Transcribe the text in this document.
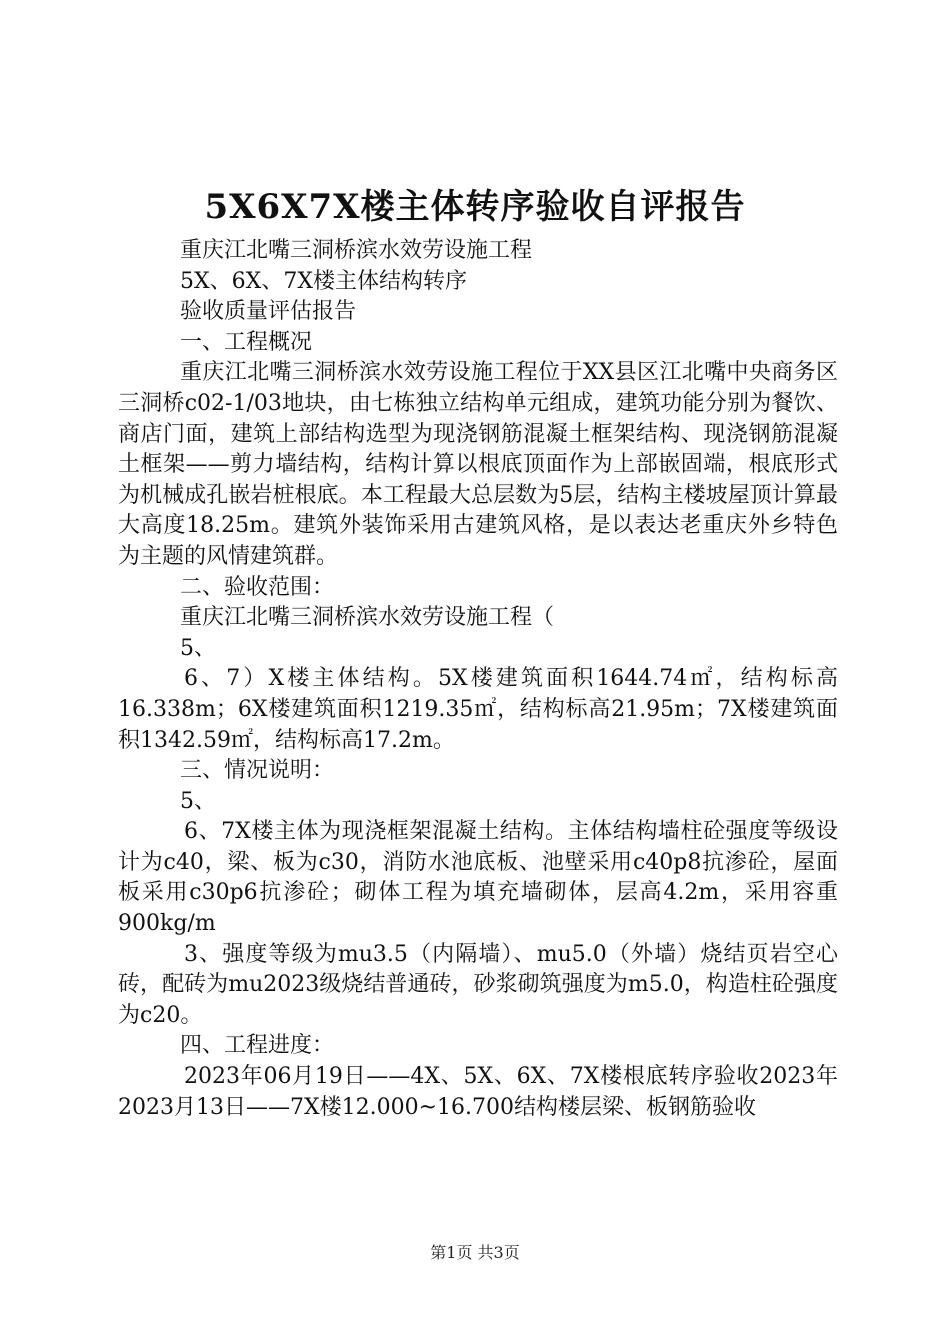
5X6X7X楼主体转序验收自评报告

重庆江北嘴三洞桥滨水效劳设施工程

5X、6X、7X楼主体结构转序

验收质量评估报告

一、工程概况

重庆江北嘴三洞桥滨水效劳设施工程位于XX县区江北嘴中央商务区三洞桥c02-1/03地块，由七栋独立结构单元组成，建筑功能分别为餐饮、商店门面，建筑上部结构选型为现浇钢筋混凝土框架结构、现浇钢筋混凝土框架——剪力墙结构，结构计算以根底顶面作为上部嵌固端，根底形式为机械成孔嵌岩桩根底。本工程最大总层数为5层，结构主楼坡屋顶计算最大高度18.25m。建筑外装饰采用古建筑风格，是以表达老重庆外乡特色为主题的风情建筑群。

二、验收范围：

重庆江北嘴三洞桥滨水效劳设施工程（

5、

6、7）X楼主体结构。5X楼建筑面积1644.74㎡，结构标高16.338m；6X楼建筑面积1219.35㎡，结构标高21.95m；7X楼建筑面积1342.59㎡，结构标高17.2m。

三、情况说明：

5、

6、7X楼主体为现浇框架混凝土结构。主体结构墙柱砼强度等级设计为c40，梁、板为c30，消防水池底板、池壁采用c40p8抗渗砼，屋面板采用c30p6抗渗砼；砌体工程为填充墙砌体，层高4.2m，采用容重900kg/m

3、强度等级为mu3.5（内隔墙）、mu5.0（外墙）烧结页岩空心砖，配砖为mu2023级烧结普通砖，砂浆砌筑强度为m5.0，构造柱砼强度为c20。

四、工程进度：

2023年06月19日——4X、5X、6X、7X楼根底转序验收2023年2023月13日——7X楼12.000~16.700结构楼层梁、板钢筋验收

第1页 共3页
